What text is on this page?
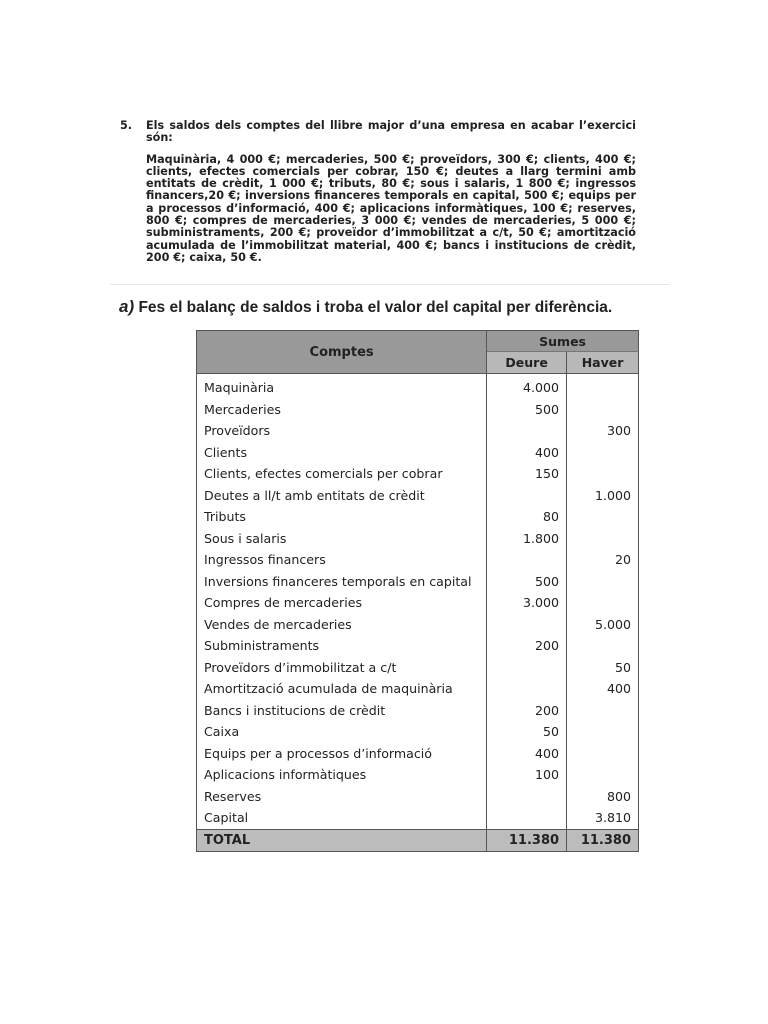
5. Els saldos dels comptes del llibre major d’una empresa en acabar l’exercici són:
Maquinària, 4 000 €; mercaderies, 500 €; proveïdors, 300 €; clients, 400 €; clients, efectes comercials per cobrar, 150 €; deutes a llarg termini amb entitats de crèdit, 1 000 €; tributs, 80 €; sous i salaris, 1 800 €; ingressos financers,20 €; inversions financeres temporals en capital, 500 €; equips per a processos d’informació, 400 €; aplicacions informàtiques, 100 €; reserves, 800 €; compres de mercaderies, 3 000 €; vendes de mercaderies, 5 000 €; subministraments, 200 €; proveïdor d’immobilitzat a c/t, 50 €; amortització acumulada de l’immobilitzat material, 400 €; bancs i institucions de crèdit, 200 €; caixa, 50 €.
a) Fes el balanç de saldos i troba el valor del capital per diferència.
Comptes	Sumes	
	Deure	Haver
Maquinària	4.000	
Mercaderies	500	
Proveïdors		300
Clients	400	
Clients, efectes comercials per cobrar	150	
Deutes a ll/t amb entitats de crèdit		1.000
Tributs	80	
Sous i salaris	1.800	
Ingressos financers		20
Inversions financeres temporals en capital	500	
Compres de mercaderies	3.000	
Vendes de mercaderies		5.000
Subministraments	200	
Proveïdors d’immobilitzat a c/t		50
Amortització acumulada de maquinària		400
Bancs i institucions de crèdit	200	
Caixa	50	
Equips per a processos d’informació	400	
Aplicacions informàtiques	100	
Reserves		800
Capital		3.810
TOTAL	11.380	11.380
